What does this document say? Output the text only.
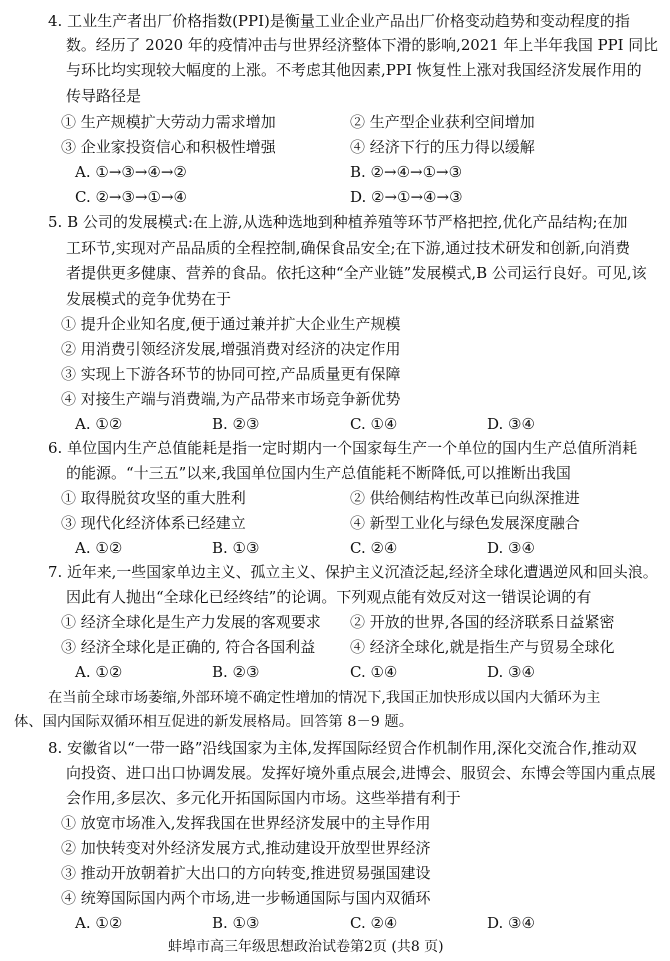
4. 工业生产者出厂价格指数(PPI)是衡量工业企业产品出厂价格变动趋势和变动程度的指
数。经历了 2020 年的疫情冲击与世界经济整体下滑的影响,2021 年上半年我国 PPI 同比
与环比均实现较大幅度的上涨。不考虑其他因素,PPI 恢复性上涨对我国经济发展作用的
传导路径是
① 生产规模扩大劳动力需求增加	② 生产型企业获利空间增加
③ 企业家投资信心和积极性增强	④ 经济下行的压力得以缓解
A. ①→③→④→②	B. ②→④→①→③
C. ②→③→①→④	D. ②→①→④→③
5. B 公司的发展模式:在上游,从选种选地到种植养殖等环节严格把控,优化产品结构;在加
工环节,实现对产品品质的全程控制,确保食品安全;在下游,通过技术研发和创新,向消费
者提供更多健康、营养的食品。依托这种“全产业链”发展模式,B 公司运行良好。可见,该
发展模式的竞争优势在于
① 提升企业知名度,便于通过兼并扩大企业生产规模
② 用消费引领经济发展,增强消费对经济的决定作用
③ 实现上下游各环节的协同可控,产品质量更有保障
④ 对接生产端与消费端,为产品带来市场竞争新优势
A. ①②	B. ②③	C. ①④	D. ③④
6. 单位国内生产总值能耗是指一定时期内一个国家每生产一个单位的国内生产总值所消耗
的能源。“十三五”以来,我国单位国内生产总值能耗不断降低,可以推断出我国
① 取得脱贫攻坚的重大胜利	② 供给侧结构性改革已向纵深推进
③ 现代化经济体系已经建立	④ 新型工业化与绿色发展深度融合
A. ①②	B. ①③	C. ②④	D. ③④
7. 近年来,一些国家单边主义、孤立主义、保护主义沉渣泛起,经济全球化遭遇逆风和回头浪。
因此有人抛出“全球化已经终结”的论调。下列观点能有效反对这一错误论调的有
① 经济全球化是生产力发展的客观要求 ② 开放的世界,各国的经济联系日益紧密
③ 经济全球化是正确的, 符合各国利益 ④ 经济全球化,就是指生产与贸易全球化
A. ①②	B. ②③	C. ①④	D. ③④
在当前全球市场萎缩,外部环境不确定性增加的情况下,我国正加快形成以国内大循环为主
体、国内国际双循环相互促进的新发展格局。回答第 8－9 题。
8. 安徽省以“一带一路”沿线国家为主体,发挥国际经贸合作机制作用,深化交流合作,推动双
向投资、进口出口协调发展。发挥好境外重点展会,进博会、服贸会、东博会等国内重点展
会作用,多层次、多元化开拓国际国内市场。这些举措有利于
① 放宽市场准入,发挥我国在世界经济发展中的主导作用
② 加快转变对外经济发展方式,推动建设开放型世界经济
③ 推动开放朝着扩大出口的方向转变,推进贸易强国建设
④ 统筹国际国内两个市场,进一步畅通国际与国内双循环
A. ①②	B. ①③	C. ②④	D. ③④
蚌埠市高三年级思想政治试卷第2页 (共8 页)
